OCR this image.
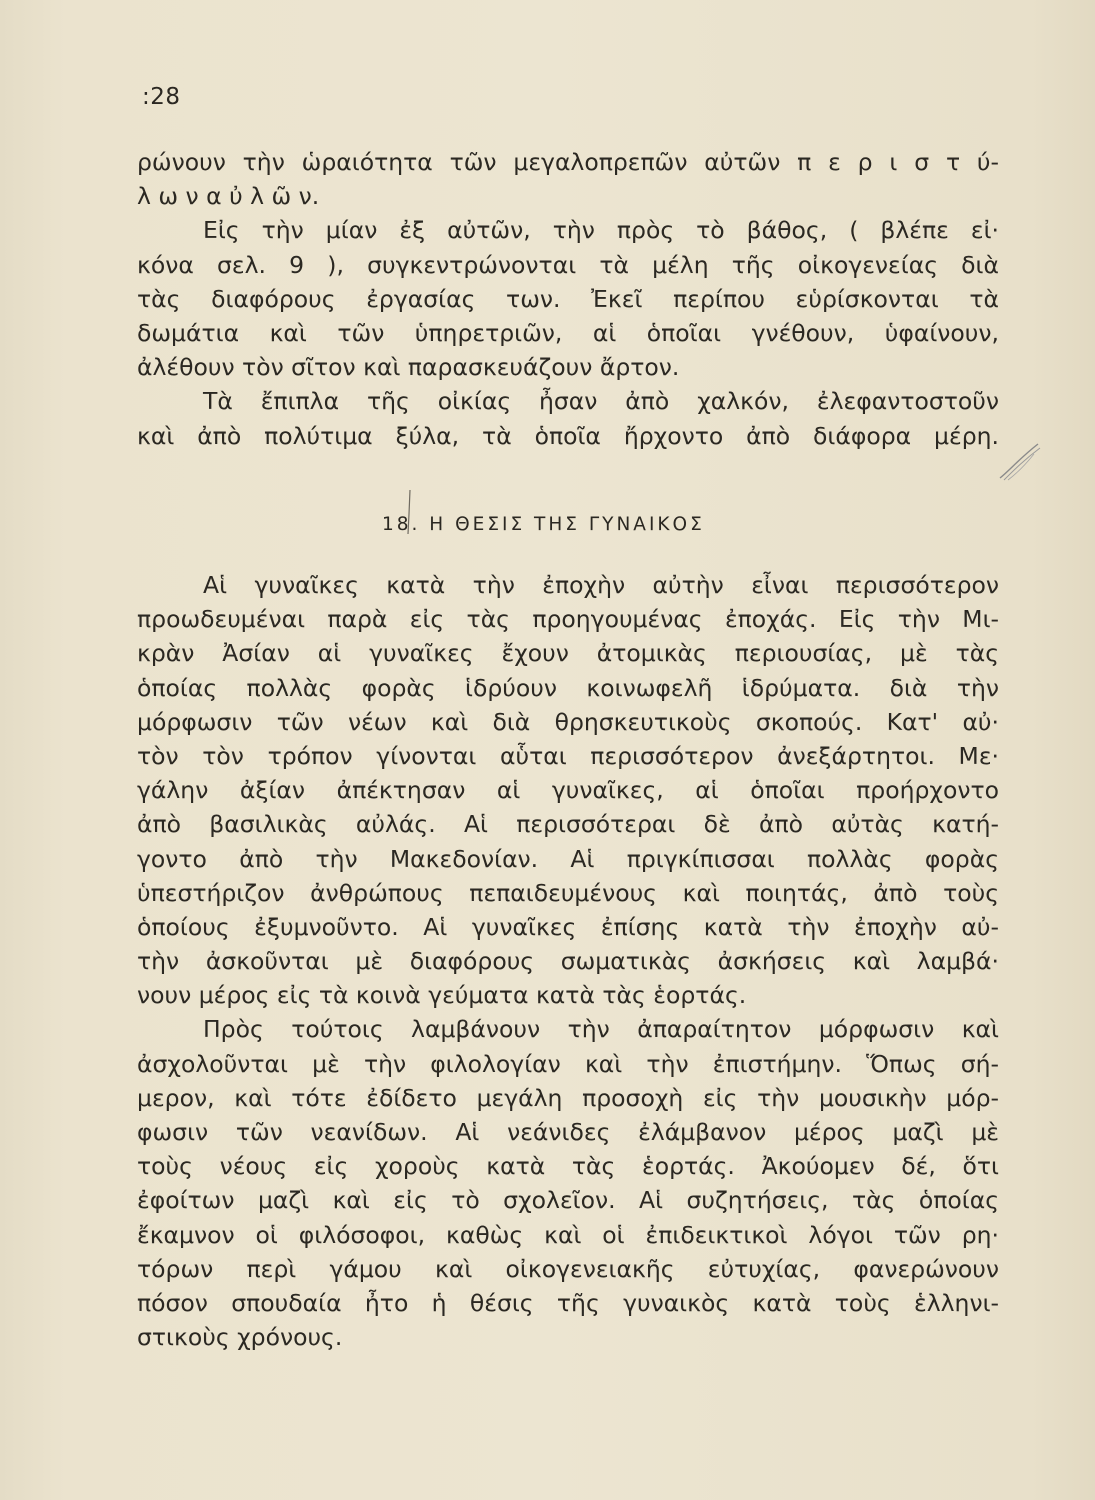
:28
ρώνουν τὴν ὡραιότητα τῶν μεγαλοπρεπῶν αὐτῶν π ε ρ ι σ τ ύ-
λ ω ν α ὐ λ ῶ ν.
Εἰς τὴν μίαν ἐξ αὐτῶν, τὴν πρὸς τὸ βάθος, ( βλέπε εἰ·
κόνα σελ. 9 ), συγκεντρώνονται τὰ μέλη τῆς οἰκογενείας διὰ
τὰς διαφόρους ἐργασίας των. Ἐκεῖ περίπου εὑρίσκονται τὰ
δωμάτια καὶ τῶν ὑπηρετριῶν, αἱ ὁποῖαι γνέθουν, ὑφαίνουν,
ἀλέθουν τὸν σῖτον καὶ παρασκευάζουν ἄρτον.
Τὰ ἔπιπλα τῆς οἰκίας ἦσαν ἀπὸ χαλκόν, ἐλεφαντοστοῦν
καὶ ἀπὸ πολύτιμα ξύλα, τὰ ὁποῖα ἤρχοντο ἀπὸ διάφορα μέρη.
18. Η ΘΕΣΙΣ ΤΗΣ ΓΥΝΑΙΚΟΣ
Αἱ γυναῖκες κατὰ τὴν ἐποχὴν αὐτὴν εἶναι περισσότερον
προωδευμέναι παρὰ εἰς τὰς προηγουμένας ἐποχάς. Εἰς τὴν Μι-
κρὰν Ἀσίαν αἱ γυναῖκες ἔχουν ἀτομικὰς περιουσίας, μὲ τὰς
ὁποίας πολλὰς φορὰς ἱδρύουν κοινωφελῆ ἱδρύματα. διὰ τὴν
μόρφωσιν τῶν νέων καὶ διὰ θρησκευτικοὺς σκοπούς. Κατ' αὐ·
τὸν τὸν τρόπον γίνονται αὗται περισσότερον ἀνεξάρτητοι. Με·
γάλην ἀξίαν ἀπέκτησαν αἱ γυναῖκες, αἱ ὁποῖαι προήρχοντο
ἀπὸ βασιλικὰς αὐλάς. Αἱ περισσότεραι δὲ ἀπὸ αὐτὰς κατή-
γοντο ἀπὸ τὴν Μακεδονίαν. Αἱ πριγκίπισσαι πολλὰς φορὰς
ὑπεστήριζον ἀνθρώπους πεπαιδευμένους καὶ ποιητάς, ἀπὸ τοὺς
ὁποίους ἐξυμνοῦντο. Αἱ γυναῖκες ἐπίσης κατὰ τὴν ἐποχὴν αὐ-
τὴν ἀσκοῦνται μὲ διαφόρους σωματικὰς ἀσκήσεις καὶ λαμβά·
νουν μέρος εἰς τὰ κοινὰ γεύματα κατὰ τὰς ἑορτάς.
Πρὸς τούτοις λαμβάνουν τὴν ἀπαραίτητον μόρφωσιν καὶ
ἀσχολοῦνται μὲ τὴν φιλολογίαν καὶ τὴν ἐπιστήμην. Ὅπως σή-
μερον, καὶ τότε ἐδίδετο μεγάλη προσοχὴ εἰς τὴν μουσικὴν μόρ-
φωσιν τῶν νεανίδων. Αἱ νεάνιδες ἐλάμβανον μέρος μαζὶ μὲ
τοὺς νέους εἰς χοροὺς κατὰ τὰς ἑορτάς. Ἀκούομεν δέ, ὅτι
ἐφοίτων μαζὶ καὶ εἰς τὸ σχολεῖον. Αἱ συζητήσεις, τὰς ὁποίας
ἔκαμνον οἱ φιλόσοφοι, καθὼς καὶ οἱ ἐπιδεικτικοὶ λόγοι τῶν ρη·
τόρων περὶ γάμου καὶ οἰκογενειακῆς εὐτυχίας, φανερώνουν
πόσον σπουδαία ἦτο ἡ θέσις τῆς γυναικὸς κατὰ τοὺς ἑλληνι-
στικοὺς χρόνους.
